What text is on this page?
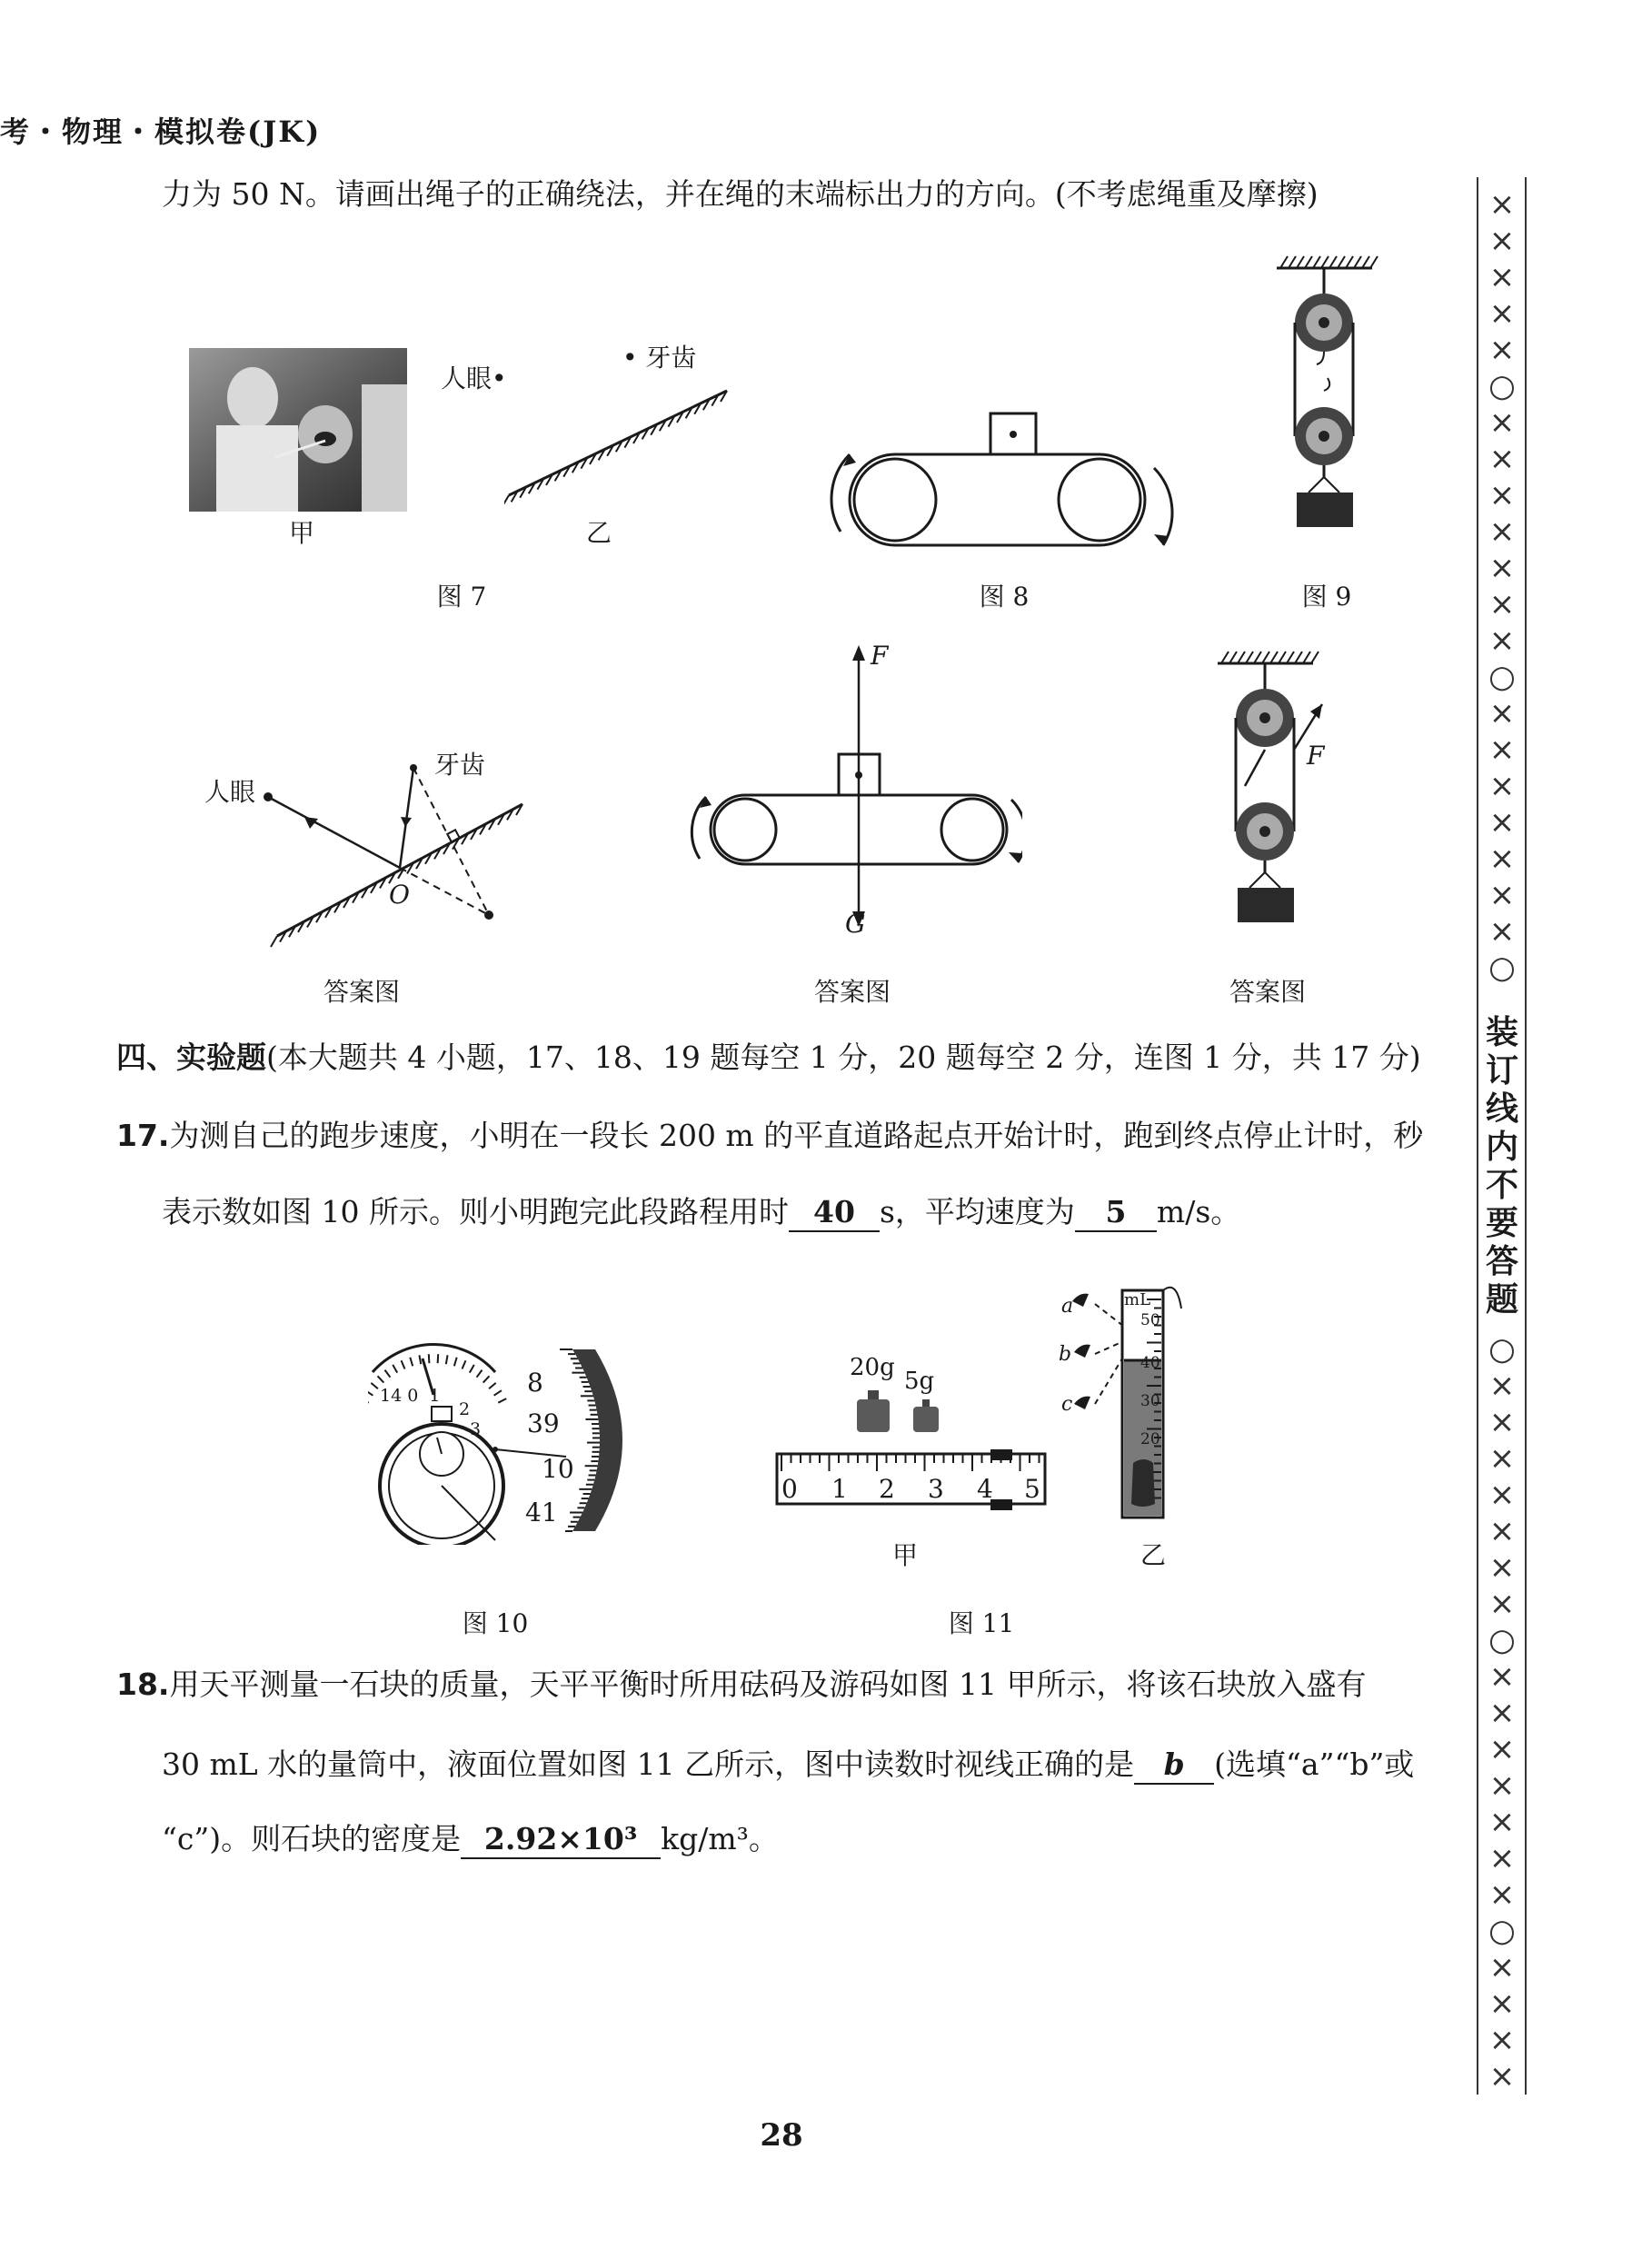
考・物理・模拟卷(JK)
力为 50 N。请画出绳子的正确绕法，并在绳的末端标出力的方向。(不考虑绳重及摩擦)
甲
人眼•
• 牙齿
乙
图 7	图 8	图 9
人眼
牙齿
O
答案图
F
G
答案图
F
答案图
四、实验题(本大题共 4 小题，17、18、19 题每空 1 分，20 题每空 2 分，连图 1 分，共 17 分)
17.为测自己的跑步速度，小明在一段长 200 m 的平直道路起点开始计时，跑到终点停止计时，秒
表示数如图 10 所示。则小明跑完此段路程用时 40 s，平均速度为 5 m/s。
14 0 1
2
3
8
39
10
41
图 10
20g 5g
0 1 2 3 4 5
甲
a
b
c
mL
50
40
30
20
乙
图 11
18.用天平测量一石块的质量，天平平衡时所用砝码及游码如图 11 甲所示，将该石块放入盛有
30 mL 水的量筒中，液面位置如图 11 乙所示，图中读数时视线正确的是 b (选填“a”“b”或
“c”)。则石块的密度是 2.92×10³ kg/m³。
×××××○×××××××○×××××××○
装订线内不要答题
○×××××××○×××××××○××××
28
